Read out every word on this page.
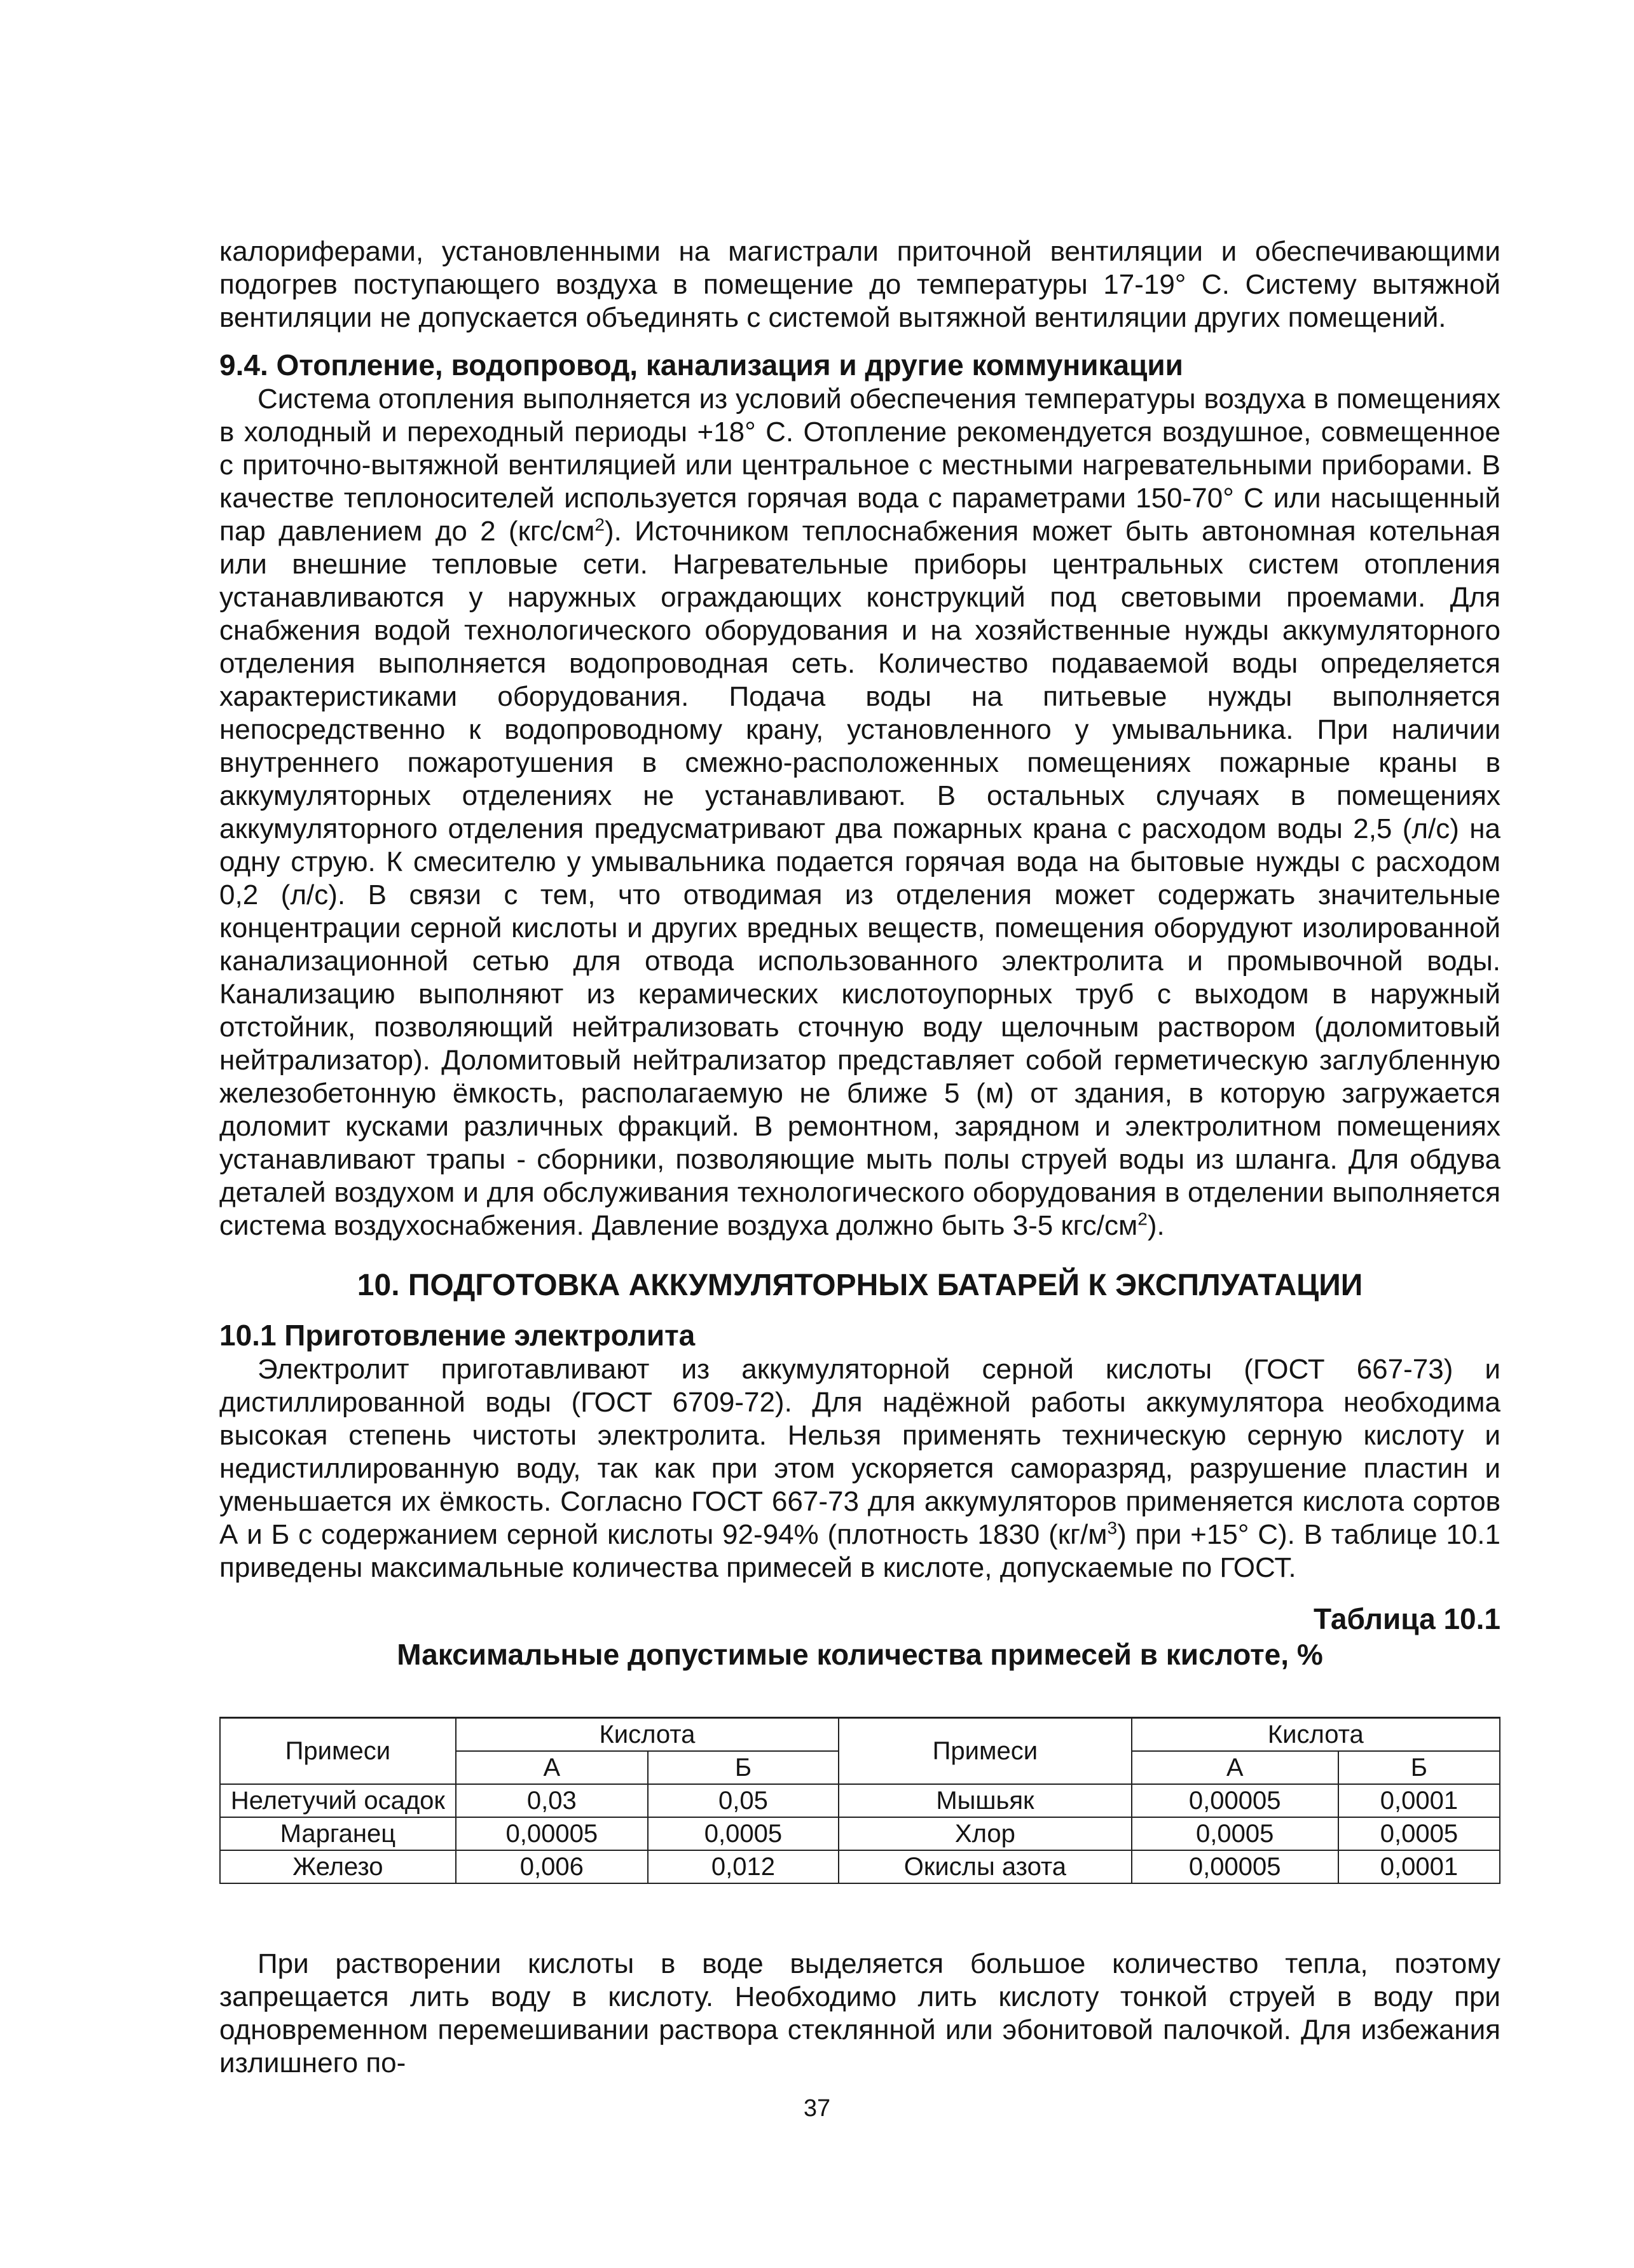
калориферами, установленными на магистрали приточной вентиляции и обеспечивающими подогрев поступающего воздуха в помещение до температуры 17-19° С. Систему вытяжной вентиляции не допускается объединять с системой вытяжной вентиляции других помещений.

9.4. Отопление, водопровод, канализация и другие коммуникации

Система отопления выполняется из условий обеспечения температуры воздуха в помещениях в холодный и переходный периоды +18° С. Отопление рекомендуется воздушное, совмещенное с приточно-вытяжной вентиляцией или центральное с местными нагревательными приборами. В качестве теплоносителей используется горячая вода с параметрами 150-70° С или насыщенный пар давлением до 2 $(кгс/см^2)$. Источником теплоснабжения может быть автономная котельная или внешние тепловые сети. Нагревательные приборы центральных систем отопления устанавливаются у наружных ограждающих конструкций под световыми проемами. Для снабжения водой технологического оборудования и на хозяйственные нужды аккумуляторного отделения выполняется водопроводная сеть. Количество подаваемой воды определяется характеристиками оборудования. Подача воды на питьевые нужды выполняется непосредственно к водопроводному крану, установленного у умывальника. При наличии внутреннего пожаротушения в смежно-расположенных помещениях пожарные краны в аккумуляторных отделениях не устанавливают. В остальных случаях в помещениях аккумуляторного отделения предусматривают два пожарных крана с расходом воды 2,5 (л/с) на одну струю. К смесителю у умывальника подается горячая вода на бытовые нужды с расходом 0,2 (л/с). В связи с тем, что отводимая из отделения может содержать значительные концентрации серной кислоты и других вредных веществ, помещения оборудуют изолированной канализационной сетью для отвода использованного электролита и промывочной воды. Канализацию выполняют из керамических кислотоупорных труб с выходом в наружный отстойник, позволяющий нейтрализовать сточную воду щелочным раствором (доломитовый нейтрализатор). Доломитовый нейтрализатор представляет собой герметическую заглубленную железобетонную ёмкость, располагаемую не ближе 5 (м) от здания, в которую загружается доломит кусками различных фракций. В ремонтном, зарядном и электролитном помещениях устанавливают трапы - сборники, позволяющие мыть полы струей воды из шланга. Для обдува деталей воздухом и для обслуживания технологического оборудования в отделении выполняется система воздухоснабжения. Давление воздуха должно быть 3-5 кгс/$см^2$).

10. ПОДГОТОВКА АККУМУЛЯТОРНЫХ БАТАРЕЙ К ЭКСПЛУАТАЦИИ
10.1 Приготовление электролита

Электролит приготавливают из аккумуляторной серной кислоты (ГОСТ 667-73) и дистиллированной воды (ГОСТ 6709-72). Для надёжной работы аккумулятора необходима высокая степень чистоты электролита. Нельзя применять техническую серную кислоту и недистиллированную воду, так как при этом ускоряется саморазряд, разрушение пластин и уменьшается их ёмкость. Согласно ГОСТ 667-73 для аккумуляторов применяется кислота сортов А и Б с содержанием серной кислоты 92-94% (плотность 1830 $(кг/м^3)$ при +15° С). В таблице 10.1 приведены максимальные количества примесей в кислоте, допускаемые по ГОСТ.

Таблица 10.1
Максимальные допустимые количества примесей в кислоте, %
Примеси	Кислота		Примеси	Кислота	
	А	Б		А	Б
Нелетучий осадок	0,03	0,05	Мышьяк	0,00005	0,0001
Марганец	0,00005	0,0005	Хлор	0,0005	0,0005
Железо	0,006	0,012	Окислы азота	0,00005	0,0001

При растворении кислоты в воде выделяется большое количество тепла, поэтому запрещается лить воду в кислоту. Необходимо лить кислоту тонкой струей в воду при одновременном перемешивании раствора стеклянной или эбонитовой палочкой. Для избежания излишнего по-

37
